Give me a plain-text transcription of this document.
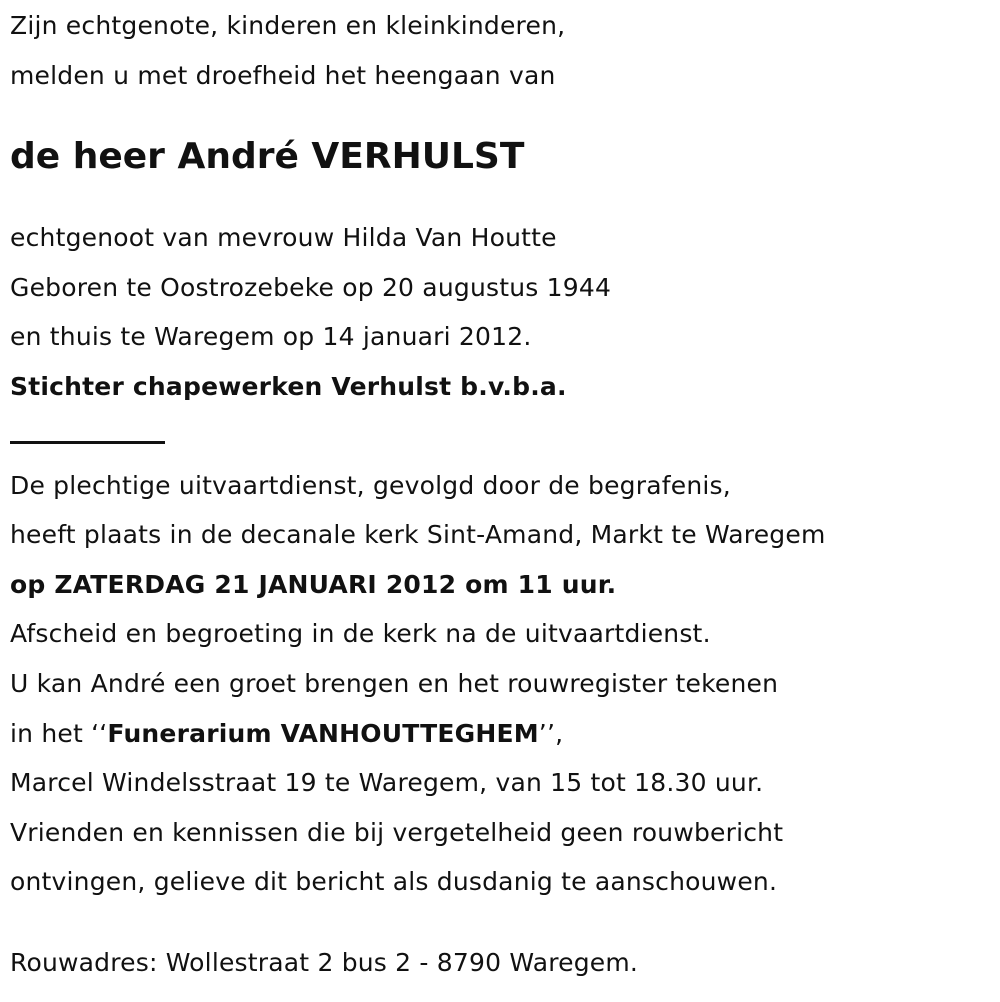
Zijn echtgenote, kinderen en kleinkinderen,
melden u met droefheid het heengaan van
de heer André VERHULST
echtgenoot van mevrouw Hilda Van Houtte
Geboren te Oostrozebeke op 20 augustus 1944
en thuis te Waregem op 14 januari 2012.
Stichter chapewerken Verhulst b.v.b.a.
De plechtige uitvaartdienst, gevolgd door de begrafenis,
heeft plaats in de decanale kerk Sint-Amand, Markt te Waregem
op ZATERDAG 21 JANUARI 2012 om 11 uur.
Afscheid en begroeting in de kerk na de uitvaartdienst.
U kan André een groet brengen en het rouwregister tekenen
in het ‘‘Funerarium VANHOUTTEGHEM’’,
Marcel Windelsstraat 19 te Waregem, van 15 tot 18.30 uur.
Vrienden en kennissen die bij vergetelheid geen rouwbericht
ontvingen, gelieve dit bericht als dusdanig te aanschouwen.
Rouwadres: Wollestraat 2 bus 2 - 8790 Waregem.
